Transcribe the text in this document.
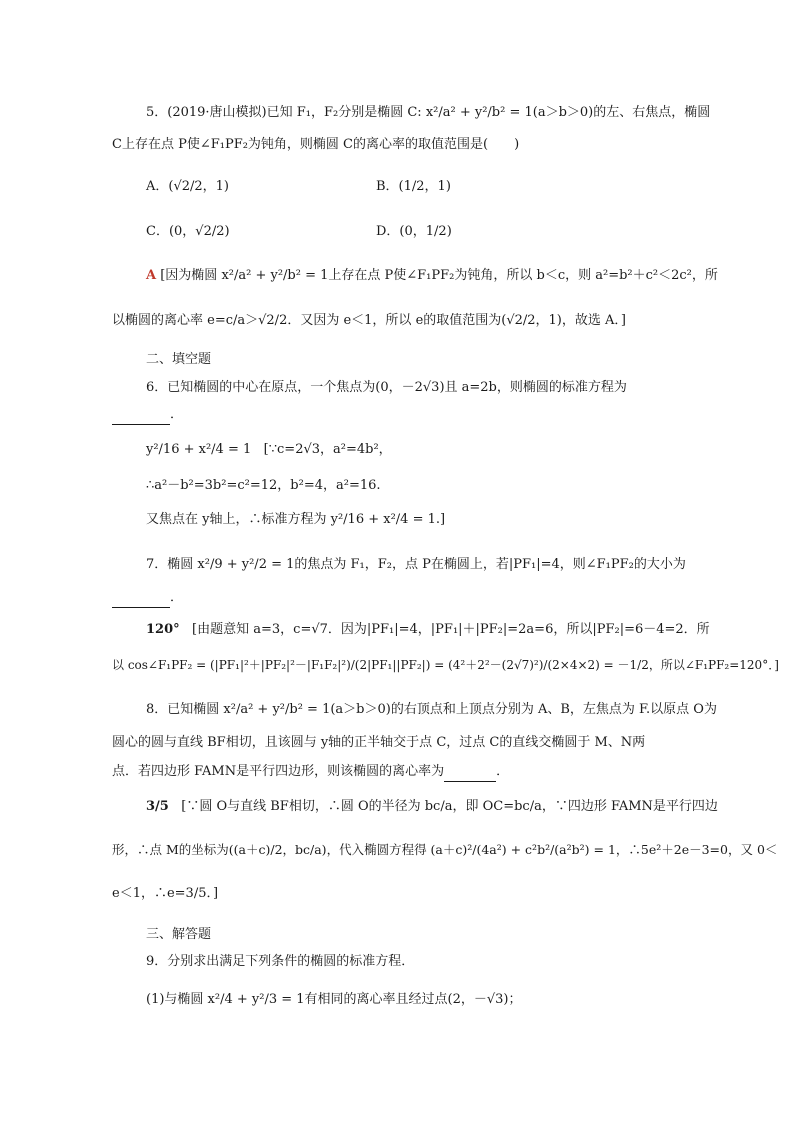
5．(2019·唐山模拟)已知 F₁，F₂分别是椭圆 C: x²/a² + y²/b² = 1(a＞b＞0)的左、右焦点，椭圆
C上存在点 P使∠F₁PF₂为钝角，则椭圆 C的离心率的取值范围是(　　)
A．(√2/2，1)	B．(1/2，1)
C．(0，√2/2)	D．(0，1/2)
A [因为椭圆 x²/a² + y²/b² = 1上存在点 P使∠F₁PF₂为钝角，所以 b＜c，则 a²=b²＋c²＜2c²，所
以椭圆的离心率 e=c/a＞√2/2．又因为 e＜1，所以 e的取值范围为(√2/2，1)，故选 A．]
二、填空题
6．已知椭圆的中心在原点，一个焦点为(0，－2√3)且 a=2b，则椭圆的标准方程为
．
y²/16 + x²/4 = 1 [∵c=2√3，a²=4b²，
∴a²－b²=3b²=c²=12，b²=4，a²=16.
又焦点在 y轴上，∴标准方程为 y²/16 + x²/4 = 1.]
7．椭圆 x²/9 + y²/2 = 1的焦点为 F₁，F₂，点 P在椭圆上，若|PF₁|=4，则∠F₁PF₂的大小为
．
120° [由题意知 a=3，c=√7．因为|PF₁|=4，|PF₁|＋|PF₂|=2a=6，所以|PF₂|=6－4=2．所
以 cos∠F₁PF₂ = (|PF₁|²＋|PF₂|²－|F₁F₂|²)/(2|PF₁||PF₂|) = (4²＋2²－(2√7)²)/(2×4×2) = －1/2，所以∠F₁PF₂=120°．]
8．已知椭圆 x²/a² + y²/b² = 1(a＞b＞0)的右顶点和上顶点分别为 A、B，左焦点为 F.以原点 O为
圆心的圆与直线 BF相切，且该圆与 y轴的正半轴交于点 C，过点 C的直线交椭圆于 M、N两
点．若四边形 FAMN是平行四边形，则该椭圆的离心率为	．
3/5 [∵圆 O与直线 BF相切，∴圆 O的半径为 bc/a，即 OC=bc/a，∵四边形 FAMN是平行四边
形，∴点 M的坐标为((a＋c)/2，bc/a)，代入椭圆方程得 (a＋c)²/(4a²) + c²b²/(a²b²) = 1，∴5e²＋2e－3=0，又 0＜
e＜1，∴e=3/5．]
三、解答题
9．分别求出满足下列条件的椭圆的标准方程．
(1)与椭圆 x²/4 + y²/3 = 1有相同的离心率且经过点(2，－√3)；
